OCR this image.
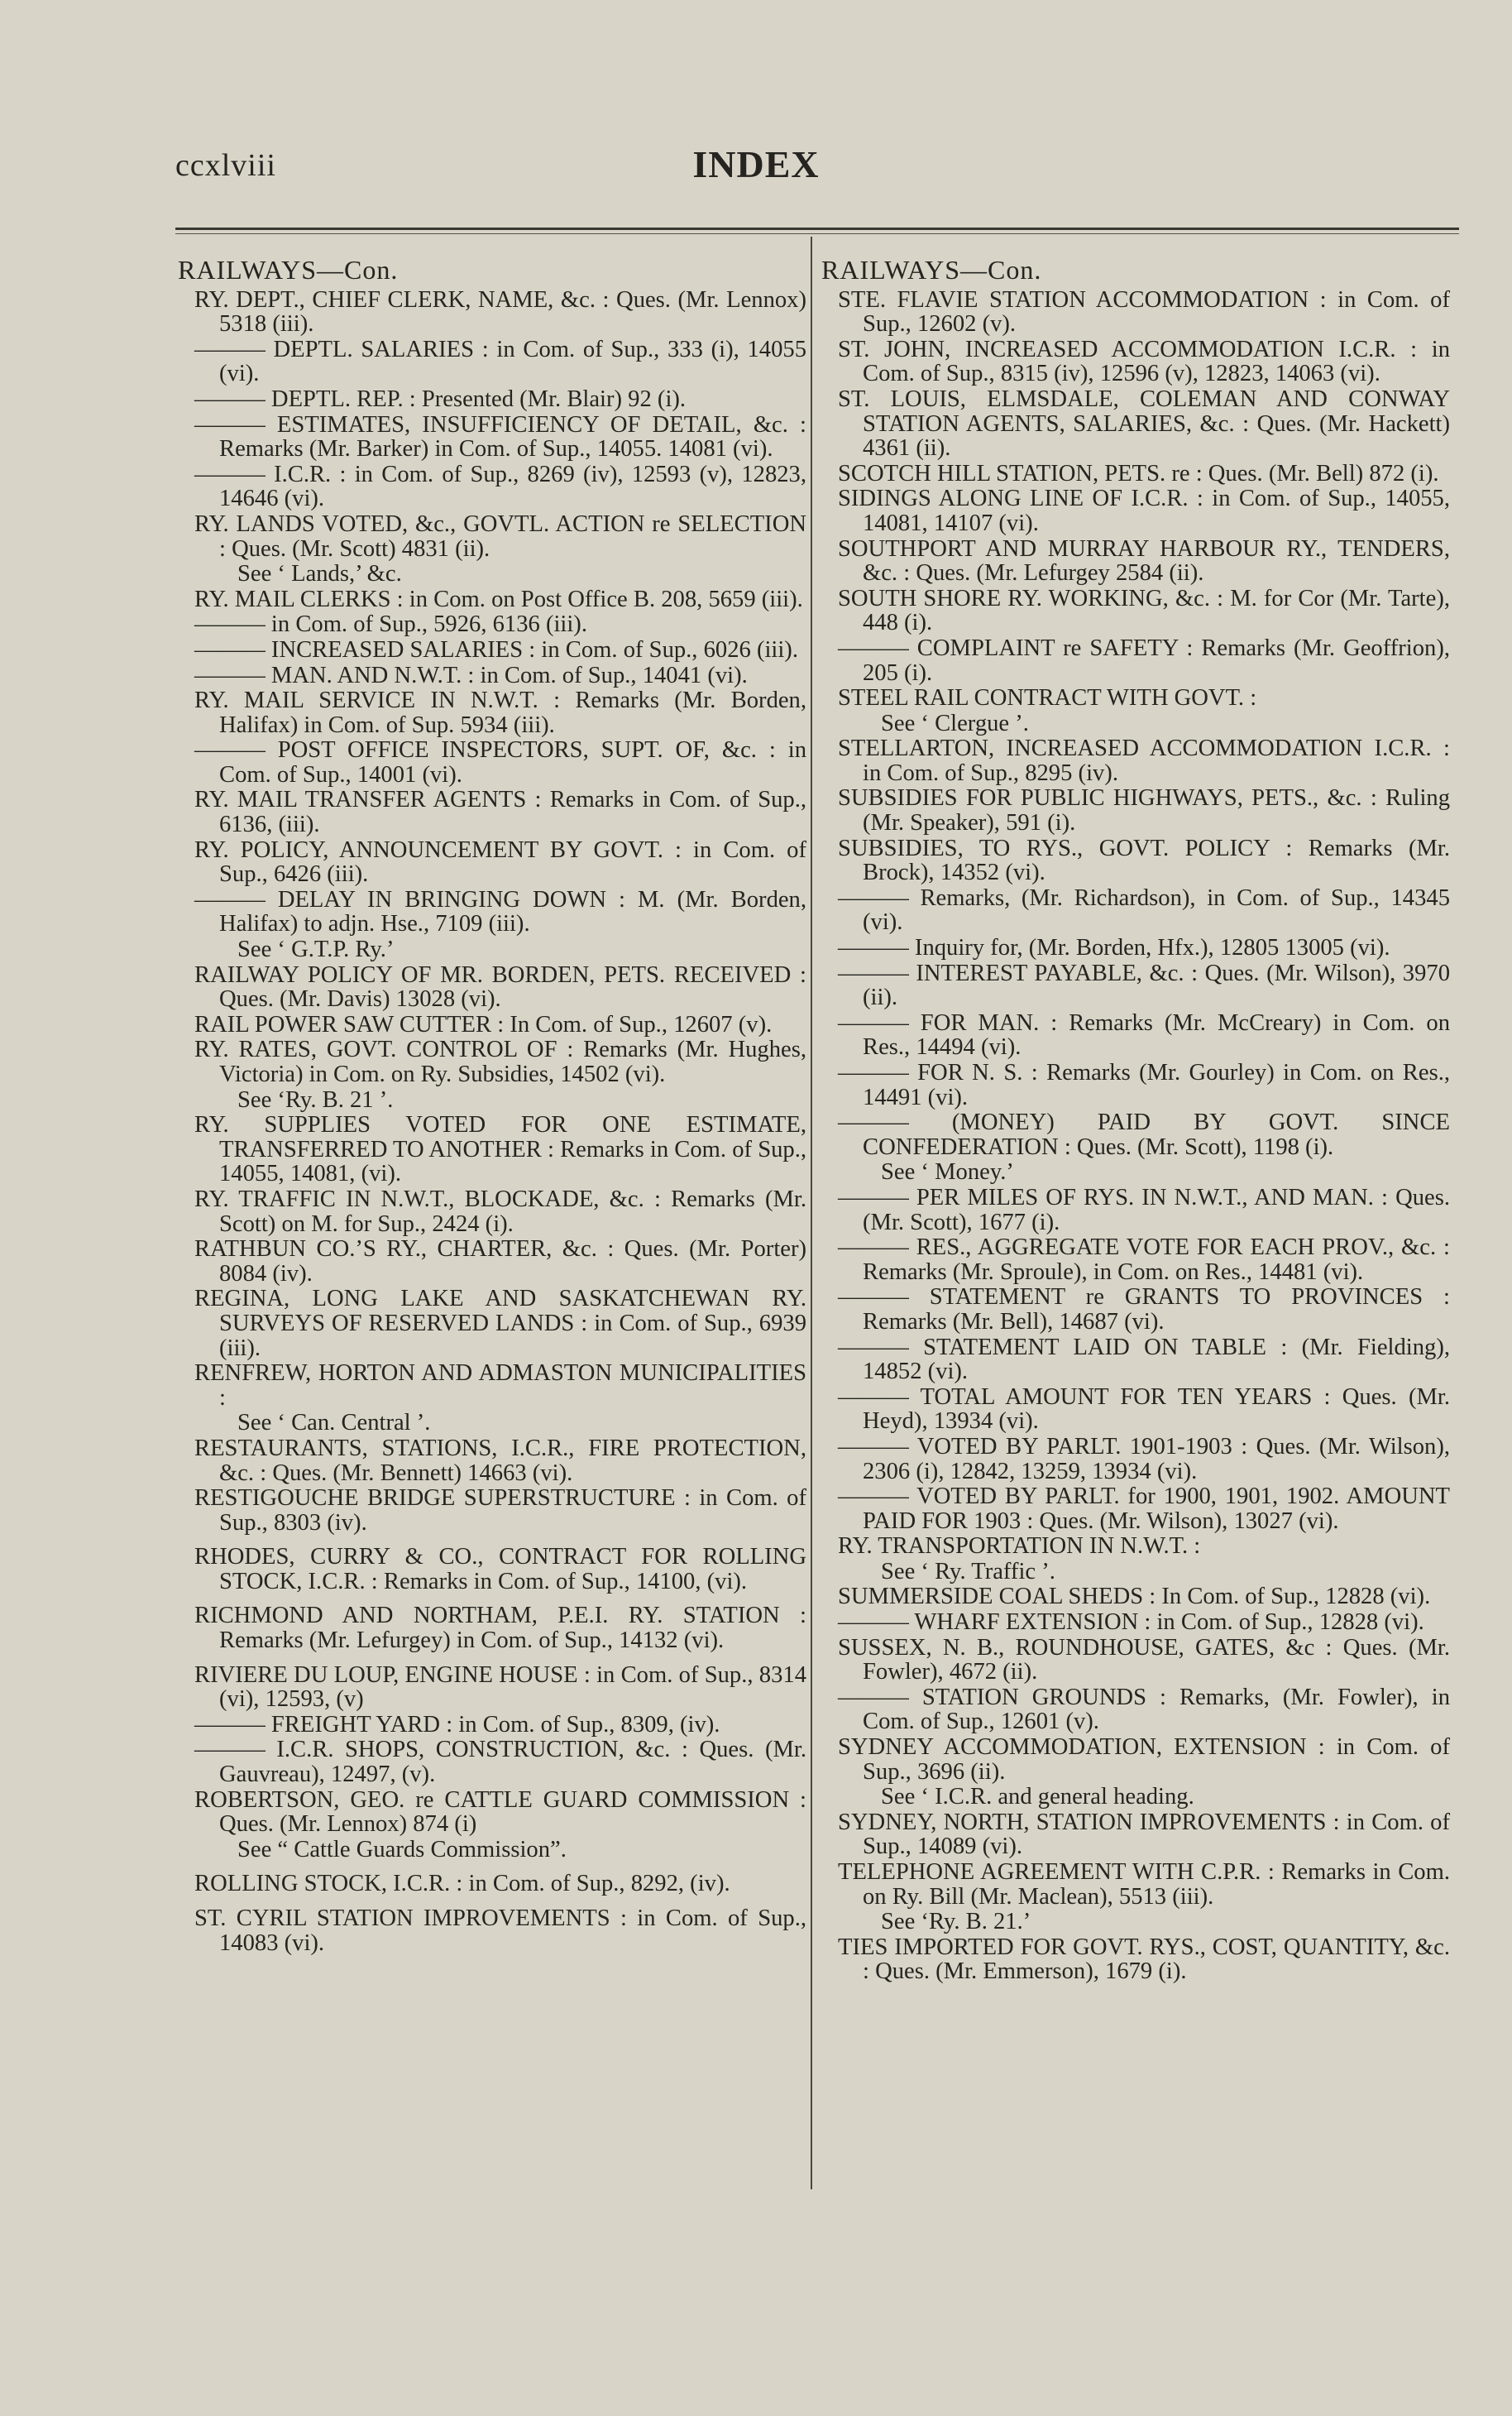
ccxlviii	INDEX
RAILWAYS—Con.
RY. DEPT., CHIEF CLERK, NAME, &c. : Ques. (Mr. Lennox) 5318 (iii).
——— DEPTL. SALARIES : in Com. of Sup., 333 (i), 14055 (vi).
——— DEPTL. REP. : Presented (Mr. Blair) 92 (i).
——— ESTIMATES, INSUFFICIENCY OF DETAIL, &c. : Remarks (Mr. Barker) in Com. of Sup., 14055. 14081 (vi).
——— I.C.R. : in Com. of Sup., 8269 (iv), 12593 (v), 12823, 14646 (vi).
RY. LANDS VOTED, &c., GOVTL. ACTION re SELECTION : Ques. (Mr. Scott) 4831 (ii).
See ‘ Lands,’ &c.
RY. MAIL CLERKS : in Com. on Post Office B. 208, 5659 (iii).
——— in Com. of Sup., 5926, 6136 (iii).
——— INCREASED SALARIES : in Com. of Sup., 6026 (iii).
——— MAN. AND N.W.T. : in Com. of Sup., 14041 (vi).
RY. MAIL SERVICE IN N.W.T. : Remarks (Mr. Borden, Halifax) in Com. of Sup. 5934 (iii).
——— POST OFFICE INSPECTORS, SUPT. OF, &c. : in Com. of Sup., 14001 (vi).
RY. MAIL TRANSFER AGENTS : Remarks in Com. of Sup., 6136, (iii).
RY. POLICY, ANNOUNCEMENT BY GOVT. : in Com. of Sup., 6426 (iii).
——— DELAY IN BRINGING DOWN : M. (Mr. Borden, Halifax) to adjn. Hse., 7109 (iii).
See ‘ G.T.P. Ry.’
RAILWAY POLICY OF MR. BORDEN, PETS. RECEIVED : Ques. (Mr. Davis) 13028 (vi).
RAIL POWER SAW CUTTER : In Com. of Sup., 12607 (v).
RY. RATES, GOVT. CONTROL OF : Remarks (Mr. Hughes, Victoria) in Com. on Ry. Subsidies, 14502 (vi).
See ‘Ry. B. 21 ’.
RY. SUPPLIES VOTED FOR ONE ESTIMATE, TRANSFERRED TO ANOTHER : Remarks in Com. of Sup., 14055, 14081, (vi).
RY. TRAFFIC IN N.W.T., BLOCKADE, &c. : Remarks (Mr. Scott) on M. for Sup., 2424 (i).
RATHBUN CO.’S RY., CHARTER, &c. : Ques. (Mr. Porter) 8084 (iv).
REGINA, LONG LAKE AND SASKATCHEWAN RY. SURVEYS OF RESERVED LANDS : in Com. of Sup., 6939 (iii).
RENFREW, HORTON AND ADMASTON MUNICIPALITIES :
See ‘ Can. Central ’.
RESTAURANTS, STATIONS, I.C.R., FIRE PROTECTION, &c. : Ques. (Mr. Bennett) 14663 (vi).
RESTIGOUCHE BRIDGE SUPERSTRUCTURE : in Com. of Sup., 8303 (iv).
RHODES, CURRY & CO., CONTRACT FOR ROLLING STOCK, I.C.R. : Remarks in Com. of Sup., 14100, (vi).
RICHMOND AND NORTHAM, P.E.I. RY. STATION : Remarks (Mr. Lefurgey) in Com. of Sup., 14132 (vi).
RIVIERE DU LOUP, ENGINE HOUSE : in Com. of Sup., 8314 (vi), 12593, (v)
——— FREIGHT YARD : in Com. of Sup., 8309, (iv).
——— I.C.R. SHOPS, CONSTRUCTION, &c. : Ques. (Mr. Gauvreau), 12497, (v).
ROBERTSON, GEO. re CATTLE GUARD COMMISSION : Ques. (Mr. Lennox) 874 (i)
See “ Cattle Guards Commission”.
ROLLING STOCK, I.C.R. : in Com. of Sup., 8292, (iv).
ST. CYRIL STATION IMPROVEMENTS : in Com. of Sup., 14083 (vi).
RAILWAYS—Con.
STE. FLAVIE STATION ACCOMMODATION : in Com. of Sup., 12602 (v).
ST. JOHN, INCREASED ACCOMMODATION I.C.R. : in Com. of Sup., 8315 (iv), 12596 (v), 12823, 14063 (vi).
ST. LOUIS, ELMSDALE, COLEMAN AND CONWAY STATION AGENTS, SALARIES, &c. : Ques. (Mr. Hackett) 4361 (ii).
SCOTCH HILL STATION, PETS. re : Ques. (Mr. Bell) 872 (i).
SIDINGS ALONG LINE OF I.C.R. : in Com. of Sup., 14055, 14081, 14107 (vi).
SOUTHPORT AND MURRAY HARBOUR RY., TENDERS, &c. : Ques. (Mr. Lefurgey 2584 (ii).
SOUTH SHORE RY. WORKING, &c. : M. for Cor (Mr. Tarte), 448 (i).
——— COMPLAINT re SAFETY : Remarks (Mr. Geoffrion), 205 (i).
STEEL RAIL CONTRACT WITH GOVT. :
See ‘ Clergue ’.
STELLARTON, INCREASED ACCOMMODATION I.C.R. : in Com. of Sup., 8295 (iv).
SUBSIDIES FOR PUBLIC HIGHWAYS, PETS., &c. : Ruling (Mr. Speaker), 591 (i).
SUBSIDIES, TO RYS., GOVT. POLICY : Remarks (Mr. Brock), 14352 (vi).
——— Remarks, (Mr. Richardson), in Com. of Sup., 14345 (vi).
——— Inquiry for, (Mr. Borden, Hfx.), 12805 13005 (vi).
——— INTEREST PAYABLE, &c. : Ques. (Mr. Wilson), 3970 (ii).
——— FOR MAN. : Remarks (Mr. McCreary) in Com. on Res., 14494 (vi).
——— FOR N. S. : Remarks (Mr. Gourley) in Com. on Res., 14491 (vi).
——— (MONEY) PAID BY GOVT. SINCE CONFEDERATION : Ques. (Mr. Scott), 1198 (i).
See ‘ Money.’
——— PER MILES OF RYS. IN N.W.T., AND MAN. : Ques. (Mr. Scott), 1677 (i).
——— RES., AGGREGATE VOTE FOR EACH PROV., &c. : Remarks (Mr. Sproule), in Com. on Res., 14481 (vi).
——— STATEMENT re GRANTS TO PROVINCES : Remarks (Mr. Bell), 14687 (vi).
——— STATEMENT LAID ON TABLE : (Mr. Fielding), 14852 (vi).
——— TOTAL AMOUNT FOR TEN YEARS : Ques. (Mr. Heyd), 13934 (vi).
——— VOTED BY PARLT. 1901-1903 : Ques. (Mr. Wilson), 2306 (i), 12842, 13259, 13934 (vi).
——— VOTED BY PARLT. for 1900, 1901, 1902. AMOUNT PAID FOR 1903 : Ques. (Mr. Wilson), 13027 (vi).
RY. TRANSPORTATION IN N.W.T. :
See ‘ Ry. Traffic ’.
SUMMERSIDE COAL SHEDS : In Com. of Sup., 12828 (vi).
——— WHARF EXTENSION : in Com. of Sup., 12828 (vi).
SUSSEX, N. B., ROUNDHOUSE, GATES, &c : Ques. (Mr. Fowler), 4672 (ii).
——— STATION GROUNDS : Remarks, (Mr. Fowler), in Com. of Sup., 12601 (v).
SYDNEY ACCOMMODATION, EXTENSION : in Com. of Sup., 3696 (ii).
See ‘ I.C.R. and general heading.
SYDNEY, NORTH, STATION IMPROVEMENTS : in Com. of Sup., 14089 (vi).
TELEPHONE AGREEMENT WITH C.P.R. : Remarks in Com. on Ry. Bill (Mr. Maclean), 5513 (iii).
See ‘Ry. B. 21.’
TIES IMPORTED FOR GOVT. RYS., COST, QUANTITY, &c. : Ques. (Mr. Emmerson), 1679 (i).
